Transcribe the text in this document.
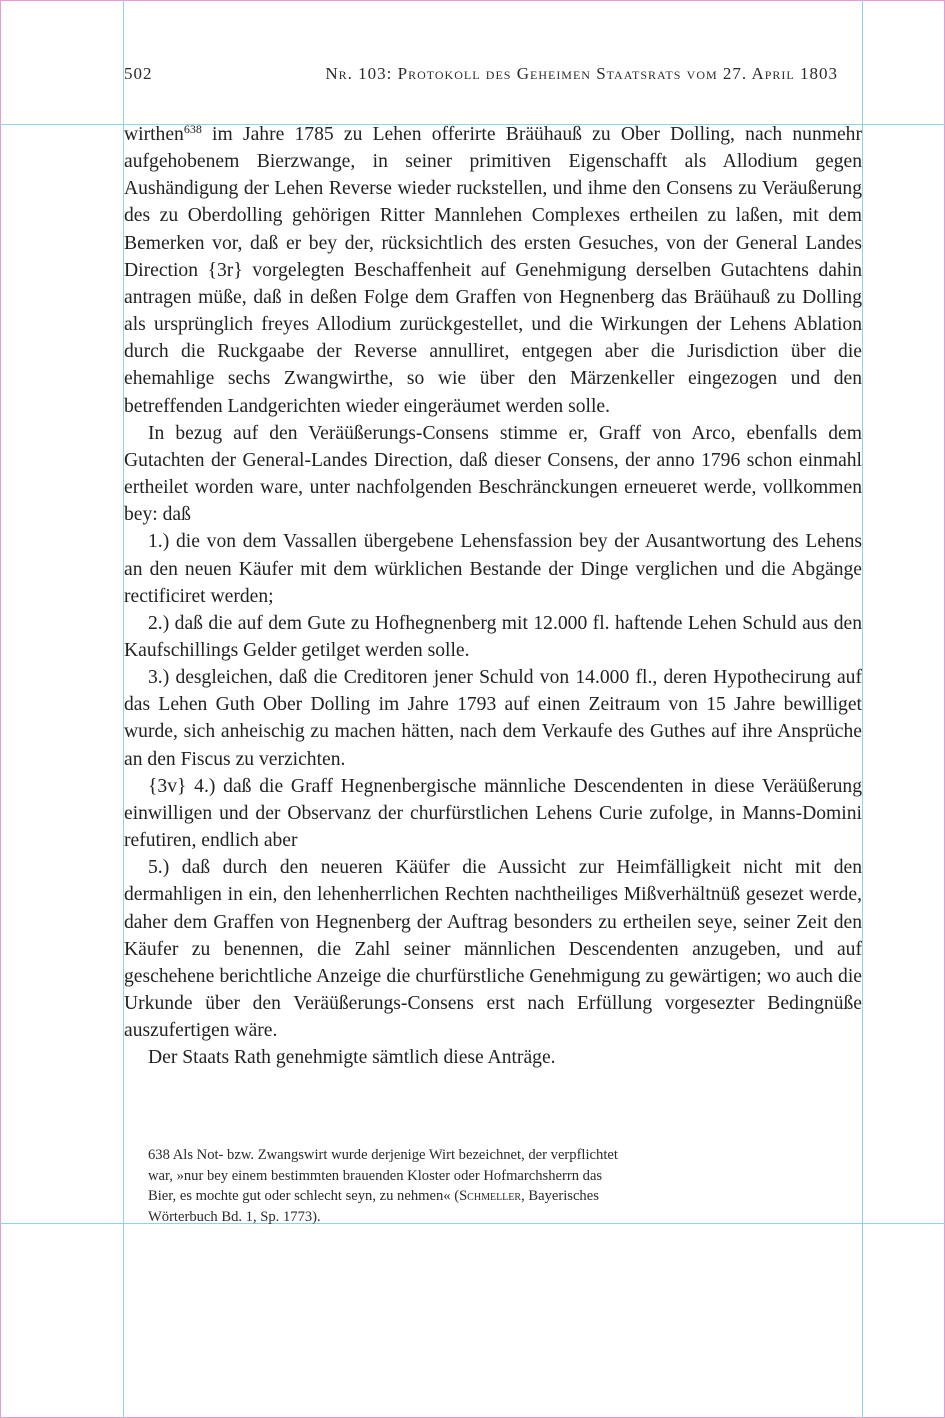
502	Nr. 103: Protokoll des Geheimen Staatsrats vom 27. April 1803

wirthen$^{638}$ im Jahre 1785 zu Lehen offerirte Bräühauß zu Ober Dolling, nach nunmehr aufgehobenem Bierzwange, in seiner primitiven Eigenschafft als Allodium gegen Aushändigung der Lehen Reverse wieder ruckstellen, und ihme den Consens zu Veräußerung des zu Oberdolling gehörigen Ritter Mannlehen Complexes ertheilen zu laßen, mit dem Bemerken vor, daß er bey der, rücksichtlich des ersten Gesuches, von der General Landes Direction {3r} vorgelegten Beschaffenheit auf Genehmigung derselben Gutachtens dahin antragen müße, daß in deßen Folge dem Graffen von Hegnenberg das Bräühauß zu Dolling als ursprünglich freyes Allodium zurückgestellet, und die Wirkungen der Lehens Ablation durch die Ruckgaabe der Reverse annulliret, entgegen aber die Jurisdiction über die ehemahlige sechs Zwangwirthe, so wie über den Märzenkeller eingezogen und den betreffenden Landgerichten wieder eingeräumet werden solle.

In bezug auf den Veräüßerungs-Consens stimme er, Graff von Arco, ebenfalls dem Gutachten der General-Landes Direction, daß dieser Consens, der anno 1796 schon einmahl ertheilet worden ware, unter nachfolgenden Beschränckungen erneueret werde, vollkommen bey: daß

1.) die von dem Vassallen übergebene Lehensfassion bey der Ausantwortung des Lehens an den neuen Käufer mit dem würklichen Bestande der Dinge verglichen und die Abgänge rectificiret werden;

2.) daß die auf dem Gute zu Hofhegnenberg mit 12.000 fl. haftende Lehen Schuld aus den Kaufschillings Gelder getilget werden solle.

3.) desgleichen, daß die Creditoren jener Schuld von 14.000 fl., deren Hypothecirung auf das Lehen Guth Ober Dolling im Jahre 1793 auf einen Zeitraum von 15 Jahre bewilliget wurde, sich anheischig zu machen hätten, nach dem Verkaufe des Guthes auf ihre Ansprüche an den Fiscus zu verzichten.

{3v} 4.) daß die Graff Hegnenbergische männliche Descendenten in diese Veräüßerung einwilligen und der Observanz der churfürstlichen Lehens Curie zufolge, in Manns-Domini refutiren, endlich aber

5.) daß durch den neueren Käüfer die Aussicht zur Heimfälligkeit nicht mit den dermahligen in ein, den lehenherrlichen Rechten nachtheiliges Mißverhältnüß gesezet werde, daher dem Graffen von Hegnenberg der Auftrag besonders zu ertheilen seye, seiner Zeit den Käufer zu benennen, die Zahl seiner männlichen Descendenten anzugeben, und auf geschehene berichtliche Anzeige die churfürstliche Genehmigung zu gewärtigen; wo auch die Urkunde über den Veräüßerungs-Consens erst nach Erfüllung vorgesezter Bedingnüße auszufertigen wäre.

Der Staats Rath genehmigte sämtlich diese Anträge.

638 Als Not- bzw. Zwangswirt wurde derjenige Wirt bezeichnet, der verpflichtet
war, »nur bey einem bestimmten brauenden Kloster oder Hofmarchsherrn das
Bier, es mochte gut oder schlecht seyn, zu nehmen« (Schmeller, Bayerisches
Wörterbuch Bd. 1, Sp. 1773).
